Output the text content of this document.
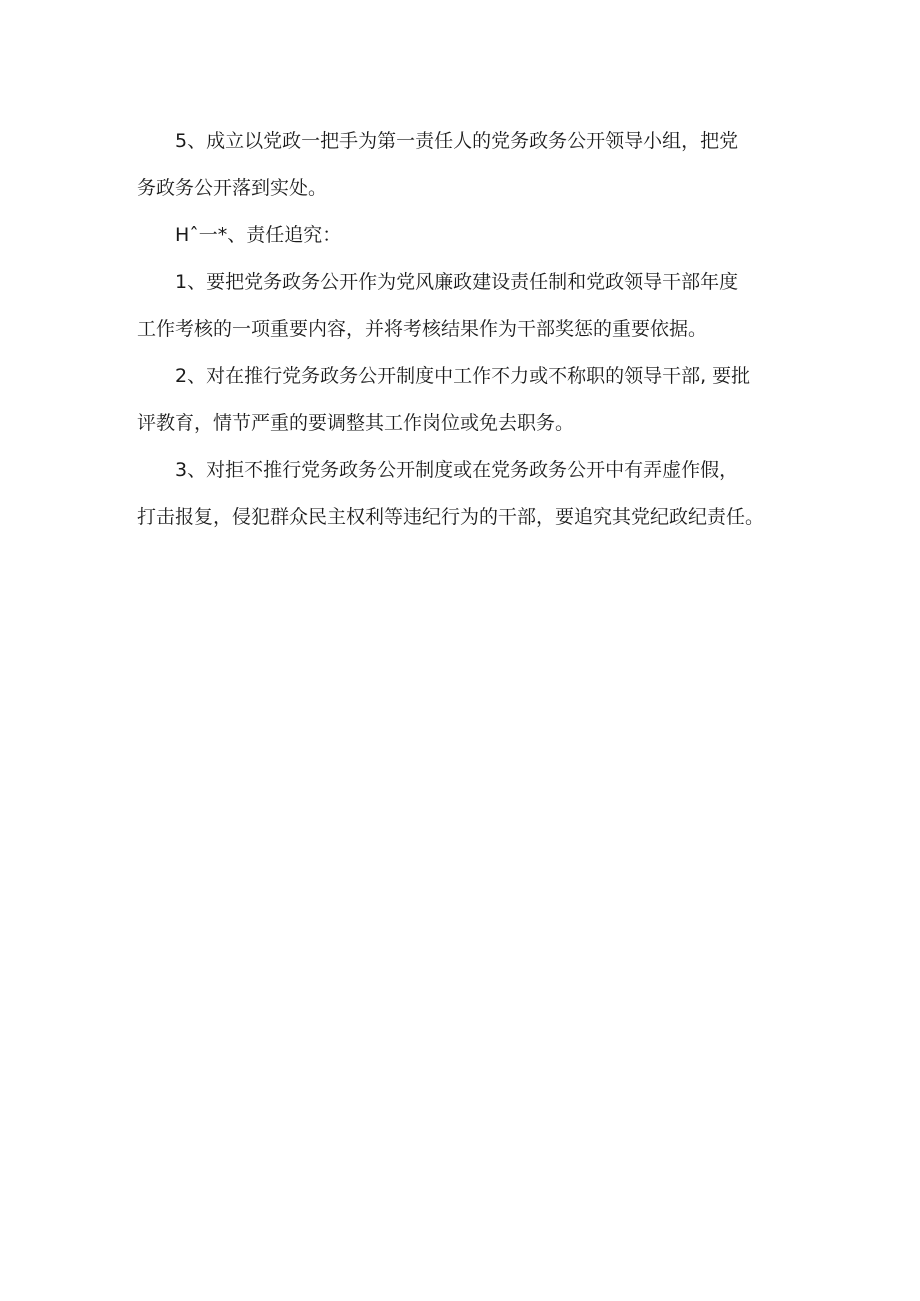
5、成立以党政一把手为第一责任人的党务政务公开领导小组，把党
务政务公开落到实处。
Hˆ一*、责任追究：
1、要把党务政务公开作为党风廉政建设责任制和党政领导干部年度
工作考核的一项重要内容，并将考核结果作为干部奖惩的重要依据。
2、对在推行党务政务公开制度中工作不力或不称职的领导干部, 要批
评教育，情节严重的要调整其工作岗位或免去职务。
3、对拒不推行党务政务公开制度或在党务政务公开中有弄虚作假，
打击报复，侵犯群众民主权利等违纪行为的干部，要追究其党纪政纪责任。
